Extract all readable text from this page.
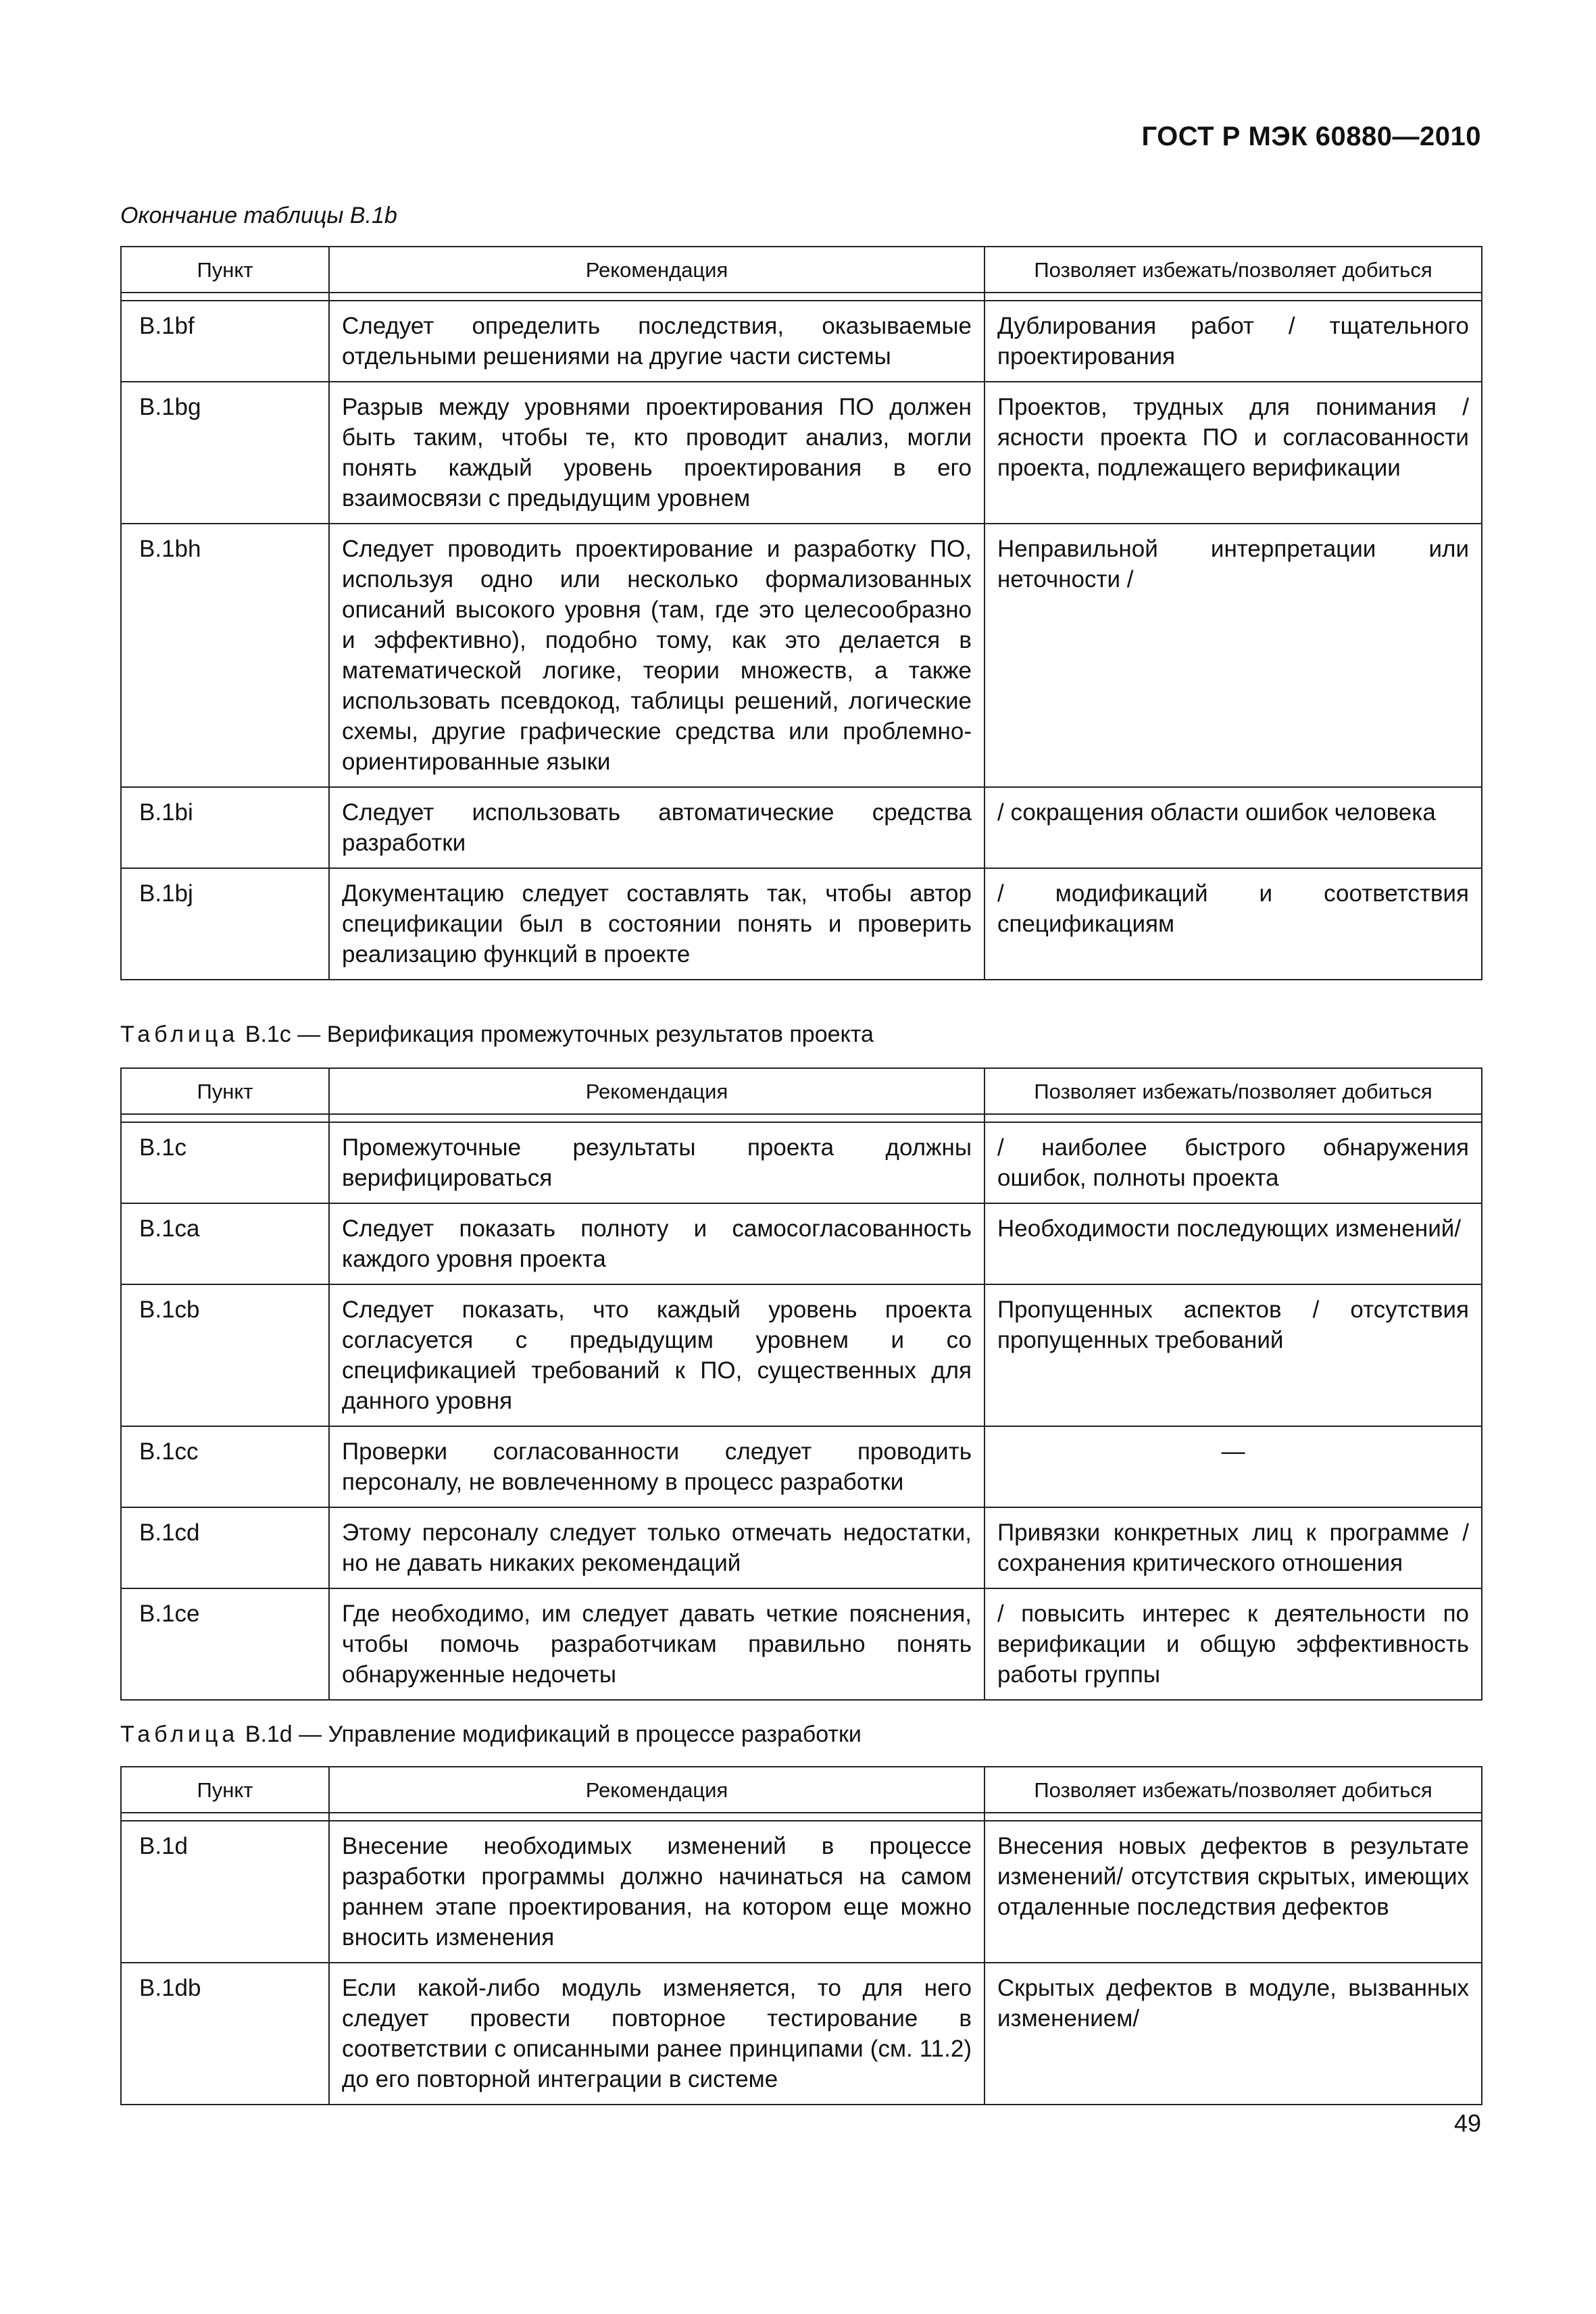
ГОСТ Р МЭК 60880—2010
Окончание таблицы В.1b
Пункт	Рекомендация	Позволяет избежать/позволяет добиться

B.1bf	Следует определить последствия, оказываемые отдельными решениями на другие части системы	Дублирования работ / тщательного проектирования
B.1bg	Разрыв между уровнями проектирования ПО должен быть таким, чтобы те, кто проводит анализ, могли понять каждый уровень проектирования в его взаимосвязи с предыдущим уровнем	Проектов, трудных для понимания / ясности проекта ПО и согласованности проекта, подлежащего верификации
B.1bh	Следует проводить проектирование и разработку ПО, используя одно или несколько формализованных описаний высокого уровня (там, где это целесообразно и эффективно), подобно тому, как это делается в математической логике, теории множеств, а также использовать псевдокод, таблицы решений, логические схемы, другие графические средства или проблемно-ориентированные языки	Неправильной интерпретации или неточности /
B.1bi	Следует использовать автоматические средства разработки	/ сокращения области ошибок человека
B.1bj	Документацию следует составлять так, чтобы автор спецификации был в состоянии понять и проверить реализацию функций в проекте	/ модификаций и соответствия спецификациям
Таблица В.1с — Верификация промежуточных результатов проекта
Пункт	Рекомендация	Позволяет избежать/позволяет добиться

B.1c	Промежуточные результаты проекта должны верифицироваться	/ наиболее быстрого обнаружения ошибок, полноты проекта
B.1ca	Следует показать полноту и самосогласованность каждого уровня проекта	Необходимости последующих изменений/
B.1cb	Следует показать, что каждый уровень проекта согласуется с предыдущим уровнем и со спецификацией требований к ПО, существенных для данного уровня	Пропущенных аспектов / отсутствия пропущенных требований
B.1cc	Проверки согласованности следует проводить персоналу, не вовлеченному в процесс разработки	—
B.1cd	Этому персоналу следует только отмечать недостатки, но не давать никаких рекомендаций	Привязки конкретных лиц к программе / сохранения критического отношения
B.1ce	Где необходимо, им следует давать четкие пояснения, чтобы помочь разработчикам правильно понять обнаруженные недочеты	/ повысить интерес к деятельности по верификации и общую эффективность работы группы
Таблица В.1d — Управление модификаций в процессе разработки
Пункт	Рекомендация	Позволяет избежать/позволяет добиться

B.1d	Внесение необходимых изменений в процессе разработки программы должно начинаться на самом раннем этапе проектирования, на котором еще можно вносить изменения	Внесения новых дефектов в результате изменений/ отсутствия скрытых, имеющих отдаленные последствия дефектов
B.1db	Если какой-либо модуль изменяется, то для него следует провести повторное тестирование в соответствии с описанными ранее принципами (см. 11.2) до его повторной интеграции в системе	Скрытых дефектов в модуле, вызванных изменением/
49
